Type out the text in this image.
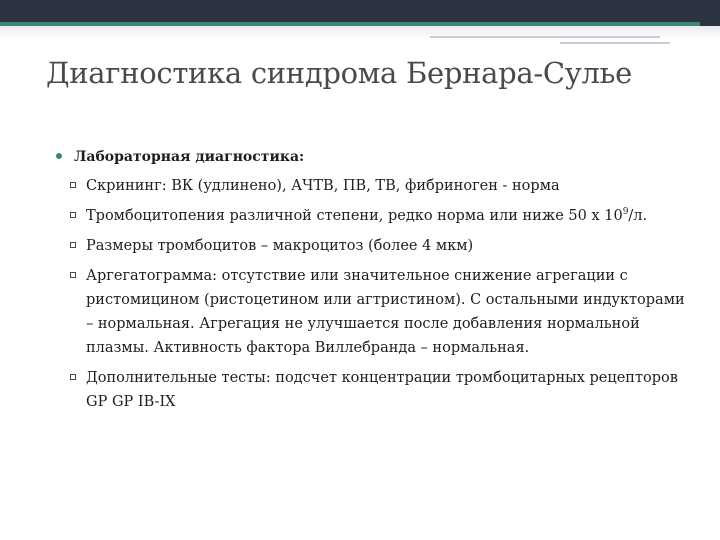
Диагностика синдрома Бернара-Сулье
Лабораторная диагностика:
Скрининг: ВК (удлинено), АЧТВ, ПВ, ТВ, фибриноген - норма
Тромбоцитопения различной степени, редко норма или ниже 50 х $10^9/л$.
Размеры тромбоцитов – макроцитоз (более 4 мкм)
Аргегатограмма: отсутствие или значительное снижение агрегации с ристомицином (ристоцетином или агтристином). С остальными индукторами – нормальная. Агрегация не улучшается после добавления нормальной плазмы. Активность фактора Виллебранда – нормальная.
Дополнительные тесты: подсчет концентрации тромбоцитарных рецепторов GP GP IB-IX
